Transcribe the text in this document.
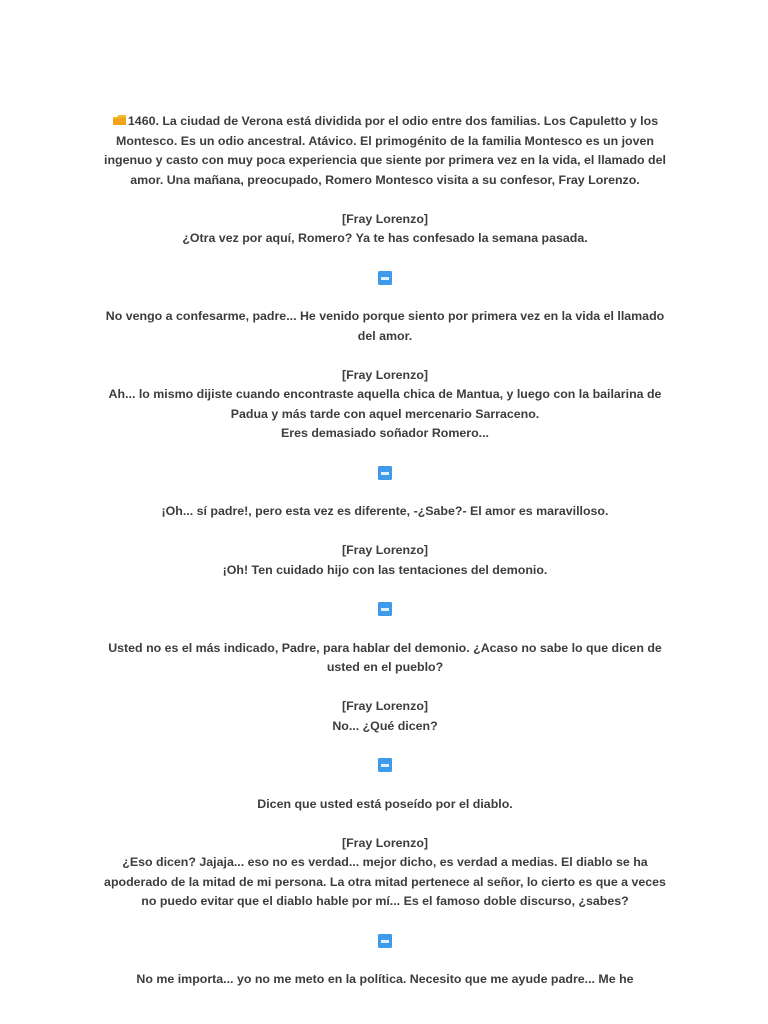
1460. La ciudad de Verona está dividida por el odio entre dos familias. Los Capuletto y los Montesco. Es un odio ancestral. Atávico. El primogénito de la familia Montesco es un joven ingenuo y casto con muy poca experiencia que siente por primera vez en la vida, el llamado del amor. Una mañana, preocupado, Romero Montesco visita a su confesor, Fray Lorenzo.

[Fray Lorenzo]

¿Otra vez por aquí, Romero? Ya te has confesado la semana pasada.

No vengo a confesarme, padre... He venido porque siento por primera vez en la vida el llamado del amor.

[Fray Lorenzo]

Ah... lo mismo dijiste cuando encontraste aquella chica de Mantua, y luego con la bailarina de Padua y más tarde con aquel mercenario Sarraceno.

Eres demasiado soñador Romero...

¡Oh... sí padre!, pero esta vez es diferente, -¿Sabe?- El amor es maravilloso.

[Fray Lorenzo]

¡Oh! Ten cuidado hijo con las tentaciones del demonio.

Usted no es el más indicado, Padre, para hablar del demonio. ¿Acaso no sabe lo que dicen de usted en el pueblo?

[Fray Lorenzo]

No... ¿Qué dicen?

Dicen que usted está poseído por el diablo.

[Fray Lorenzo]

¿Eso dicen? Jajaja... eso no es verdad... mejor dicho, es verdad a medias. El diablo se ha apoderado de la mitad de mi persona. La otra mitad pertenece al señor, lo cierto es que a veces no puedo evitar que el diablo hable por mí... Es el famoso doble discurso, ¿sabes?

No me importa... yo no me meto en la política. Necesito que me ayude padre... Me he
